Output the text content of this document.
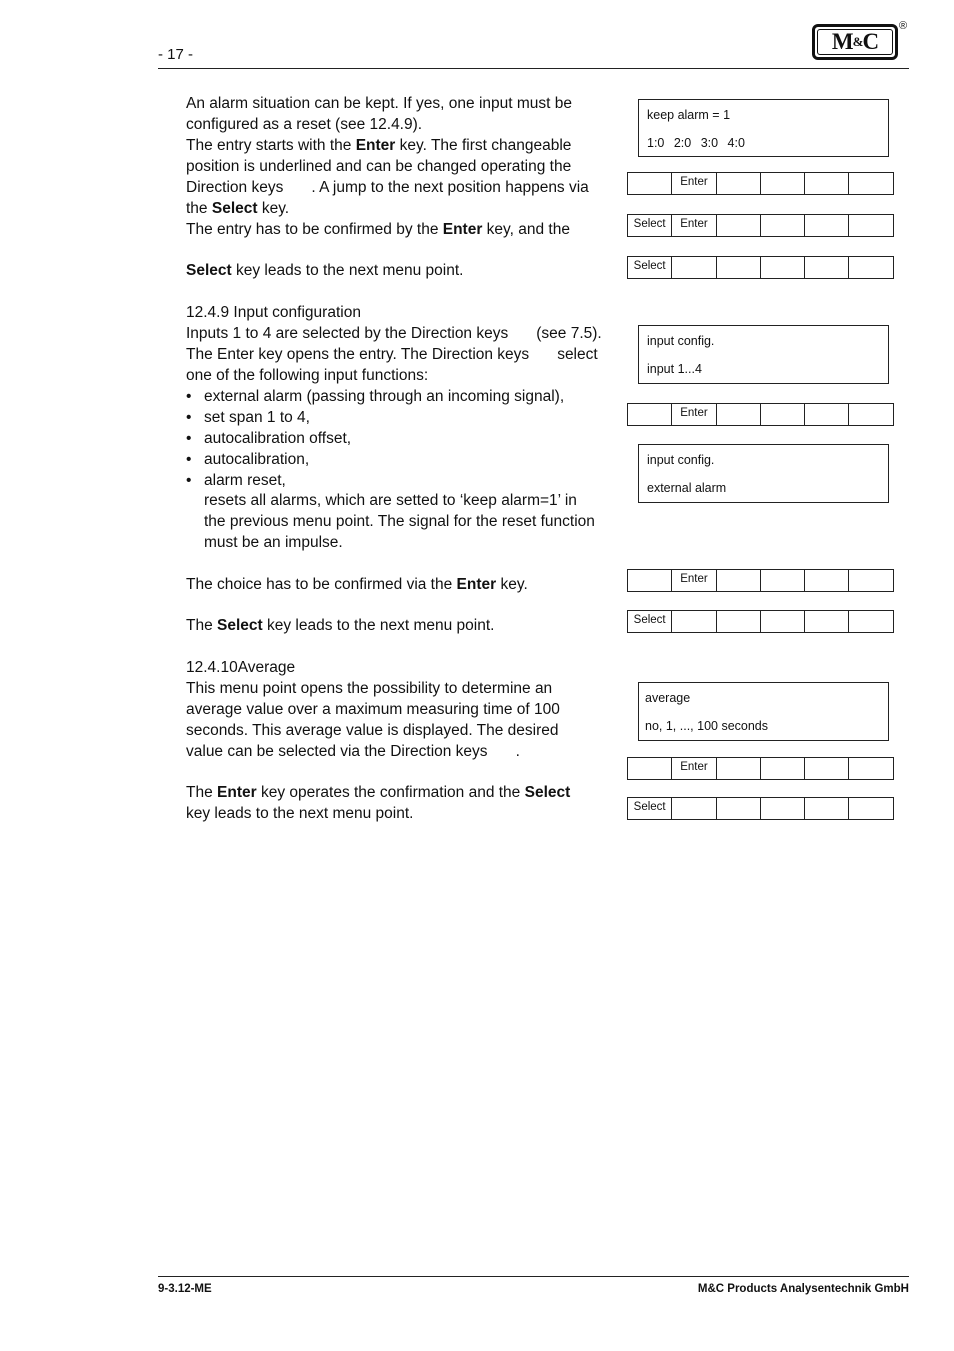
- 17 -
M & C
®
An alarm situation can be kept. If yes, one input must be
configured as a reset (see 12.4.9).
The entry starts with the Enter key. The first changeable
position is underlined and can be changed operating the
Direction keys . A jump to the next position happens via
the Select key.
The entry has to be confirmed by the Enter key, and the
Select key leads to the next menu point.
keep alarm = 1
1:0 2:0 3:0 4:0
Enter
Select	Enter
Select
12.4.9 Input configuration
Inputs 1 to 4 are selected by the Direction keys (see 7.5).
The Enter key opens the entry. The Direction keys select
one of the following input functions:
• external alarm (passing through an incoming signal),
• set span 1 to 4,
• autocalibration offset,
• autocalibration,
• alarm reset,
resets all alarms, which are setted to ‘keep alarm=1’ in
the previous menu point. The signal for the reset function
must be an impulse.
The choice has to be confirmed via the Enter key.
The Select key leads to the next menu point.
input config.
input 1...4
Enter
input config.
external alarm
Enter
Select
12.4.10Average
This menu point opens the possibility to determine an
average value over a maximum measuring time of 100
seconds. This average value is displayed. The desired
value can be selected via the Direction keys .
The Enter key operates the confirmation and the Select
key leads to the next menu point.
average
no, 1, ..., 100 seconds
Enter
Select
9-3.12-ME	M&C Products Analysentechnik GmbH
